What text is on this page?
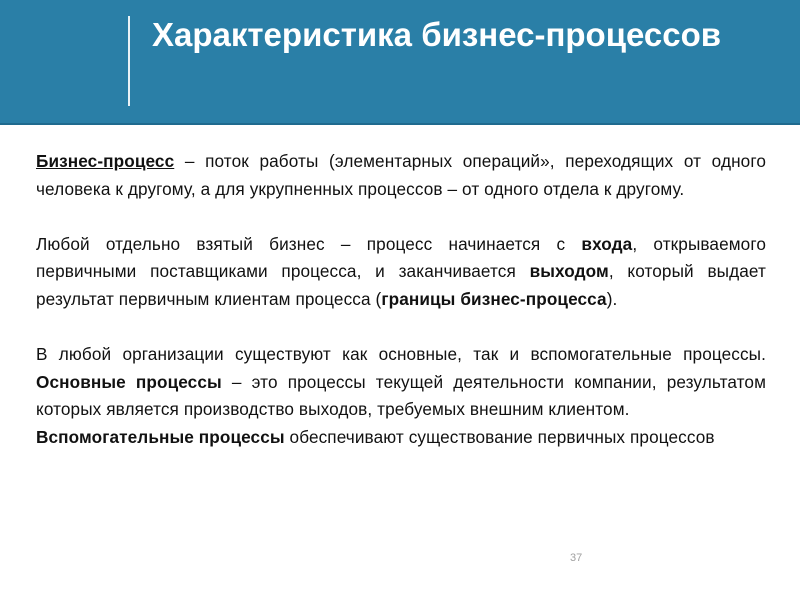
Характеристика бизнес-процессов

Бизнес-процесс – поток работы (элементарных операций», переходящих от одного человека к другому, а для укрупненных процессов – от одного отдела к другому.

Любой отдельно взятый бизнес – процесс начинается с входа, открываемого первичными поставщиками процесса, и заканчивается выходом, который выдает результат первичным клиентам процесса (границы бизнес-процесса).

В любой организации существуют как основные, так и вспомогательные процессы. Основные процессы – это процессы текущей деятельности компании, результатом которых является производство выходов, требуемых внешним клиентом.

Вспомогательные процессы обеспечивают существование первичных процессов

37
